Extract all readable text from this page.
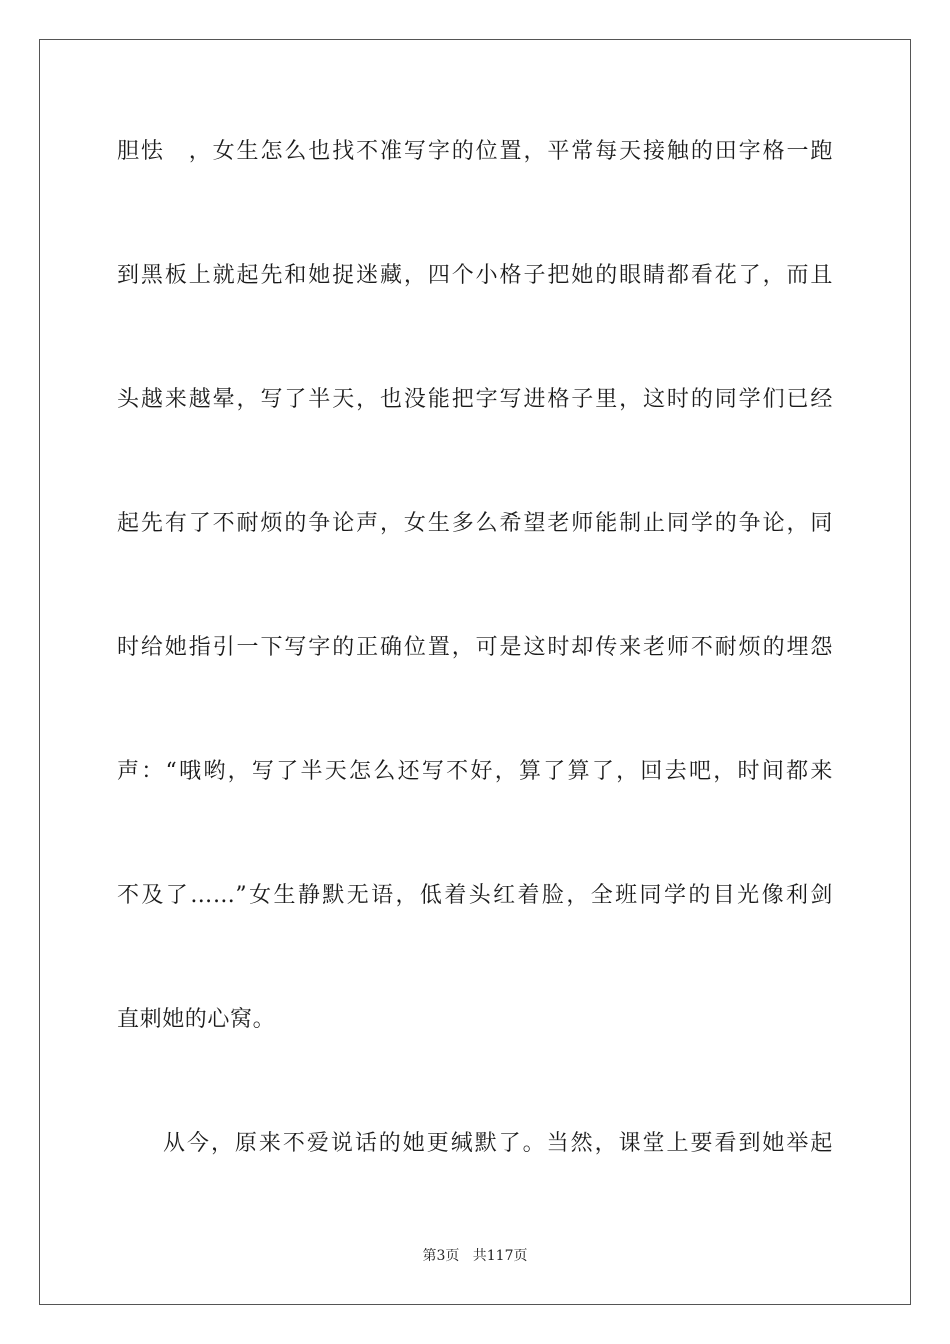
胆怯　，女生怎么也找不准写字的位置，平常每天接触的田字格一跑
到黑板上就起先和她捉迷藏，四个小格子把她的眼睛都看花了，而且
头越来越晕，写了半天，也没能把字写进格子里，这时的同学们已经
起先有了不耐烦的争论声，女生多么希望老师能制止同学的争论，同
时给她指引一下写字的正确位置，可是这时却传来老师不耐烦的埋怨
声：“哦哟，写了半天怎么还写不好，算了算了，回去吧，时间都来
不及了……”女生静默无语，低着头红着脸，全班同学的目光像利剑
直刺她的心窝。
从今，原来不爱说话的她更缄默了。当然，课堂上要看到她举起
第3页 共117页
